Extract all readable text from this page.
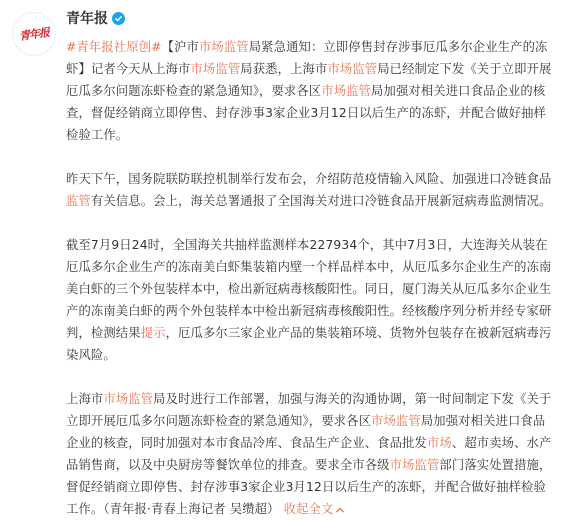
青年报
青年报

#青年报社原创#【沪市市场监管局紧急通知：立即停售封存涉事厄瓜多尔企业生产的冻虾】记者今天从上海市市场监管局获悉，上海市市场监管局已经制定下发《关于立即开展厄瓜多尔问题冻虾检查的紧急通知》，要求各区市场监管局加强对相关进口食品企业的核查，督促经销商立即停售、封存涉事3家企业3月12日以后生产的冻虾，并配合做好抽样检验工作。

昨天下午，国务院联防联控机制举行发布会，介绍防范疫情输入风险、加强进口冷链食品监管有关信息。会上，海关总署通报了全国海关对进口冷链食品开展新冠病毒监测情况。

截至7月9日24时，全国海关共抽样监测样本227934个，其中7月3日，大连海关从装在厄瓜多尔企业生产的冻南美白虾集装箱内壁一个样品样本中，从厄瓜多尔企业生产的冻南美白虾的三个外包装样本中，检出新冠病毒核酸阳性。同日，厦门海关从厄瓜多尔企业生产的冻南美白虾的两个外包装样本中检出新冠病毒核酸阳性。经核酸序列分析并经专家研判，检测结果提示，厄瓜多尔三家企业产品的集装箱环境、货物外包装存在被新冠病毒污染风险。

上海市市场监管局及时进行工作部署，加强与海关的沟通协调，第一时间制定下发《关于立即开展厄瓜多尔问题冻虾检查的紧急通知》，要求各区市场监管局加强对相关进口食品企业的核查，同时加强对本市食品冷库、食品生产企业、食品批发市场、超市卖场、水产品销售商，以及中央厨房等餐饮单位的排查。要求全市各级市场监管部门落实处置措施，督促经销商立即停售、封存涉事3家企业3月12日以后生产的冻虾，并配合做好抽样检验工作。（青年报·青春上海记者 吴缵超） 收起全文
